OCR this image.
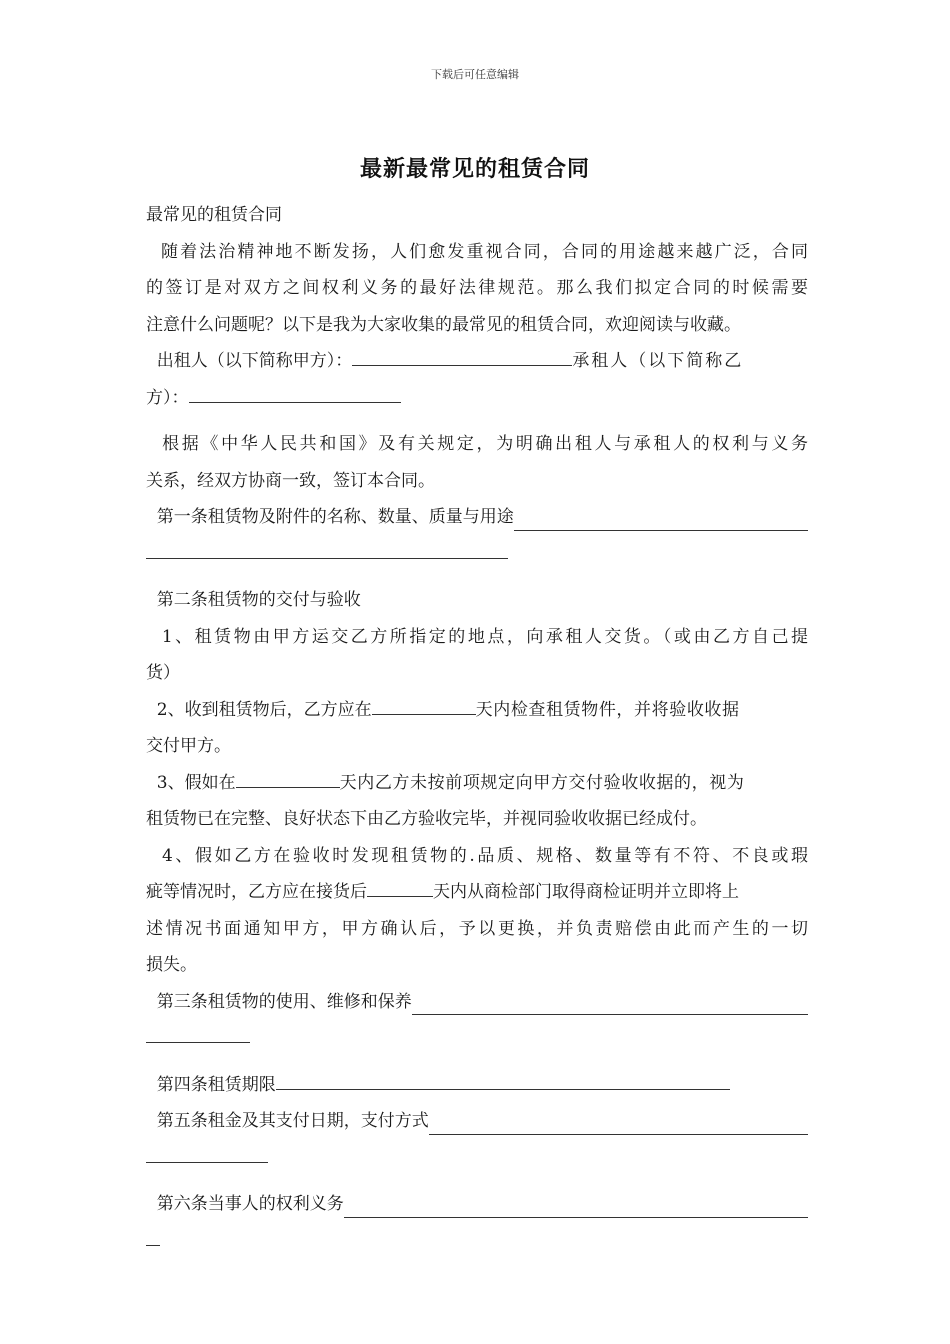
下载后可任意编辑
最新最常见的租赁合同
最常见的租赁合同
随着法治精神地不断发扬，人们愈发重视合同，合同的用途越来越广泛，合同
的签订是对双方之间权利义务的最好法律规范。那么我们拟定合同的时候需要
注意什么问题呢？以下是我为大家收集的最常见的租赁合同，欢迎阅读与收藏。
出租人（以下简称甲方）：	承租人（以下简称乙
方）：
根据《中华人民共和国》及有关规定，为明确出租人与承租人的权利与义务
关系，经双方协商一致，签订本合同。
第一条租赁物及附件的名称、数量、质量与用途
第二条租赁物的交付与验收
1、租赁物由甲方运交乙方所指定的地点，向承租人交货。（或由乙方自己提
货）
2、收到租赁物后，乙方应在	天内检查租赁物件，并将验收收据
交付甲方。
3、假如在	天内乙方未按前项规定向甲方交付验收收据的，视为
租赁物已在完整、良好状态下由乙方验收完毕，并视同验收收据已经成付。
4、假如乙方在验收时发现租赁物的.品质、规格、数量等有不符、不良或瑕
疵等情况时，乙方应在接货后	天内从商检部门取得商检证明并立即将上
述情况书面通知甲方，甲方确认后，予以更换，并负责赔偿由此而产生的一切
损失。
第三条租赁物的使用、维修和保养
第四条租赁期限
第五条租金及其支付日期，支付方式
第六条当事人的权利义务
